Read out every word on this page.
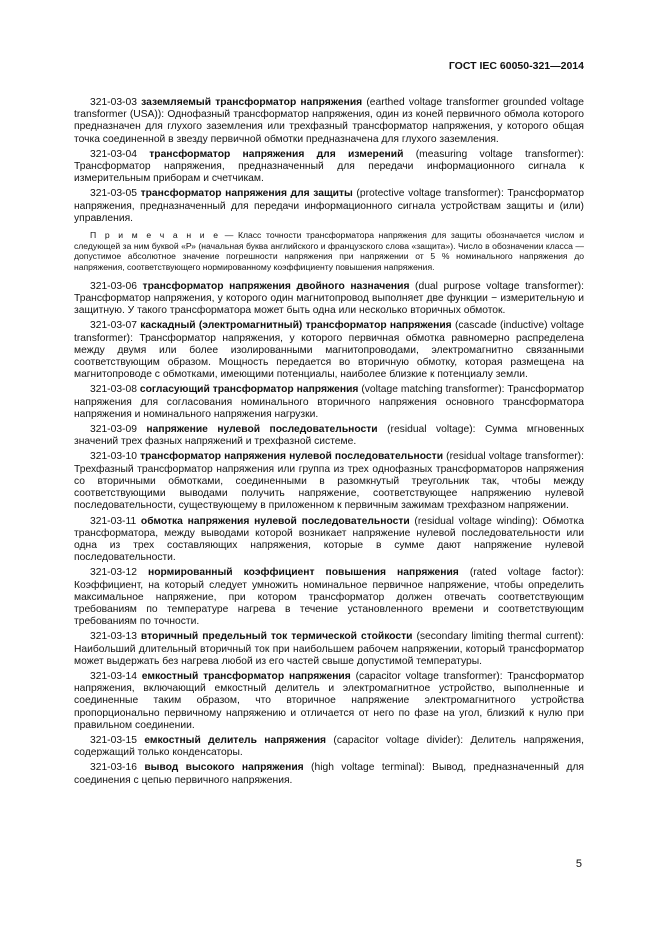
ГОСТ IEC 60050-321—2014

321-03-03 заземляемый трансформатор напряжения (earthed voltage transformer grounded voltage transformer (USA)): Однофазный трансформатор напряжения, один из коней первичного обмола которого предназначен для глухого заземления или трехфазный трансформатор напряжения, у которого общая точка соединенной в звезду первичной обмотки предназначена для глухого заземления.

321-03-04 трансформатор напряжения для измерений (measuring voltage transformer): Трансформатор напряжения, предназначенный для передачи информационного сигнала к измерительным приборам и счетчикам.

321-03-05 трансформатор напряжения для защиты (protective voltage transformer): Трансформатор напряжения, предназначенный для передачи информационного сигнала устройствам защиты и (или) управления.

П р и м е ч а н и е — Класс точности трансформатора напряжения для защиты обозначается числом и следующей за ним буквой «Р» (начальная буква английского и французского слова «защита»). Число в обозначении класса — допустимое абсолютное значение погрешности напряжения при напряжении от 5 % номинального напряжения до напряжения, соответствующего нормированному коэффициенту повышения напряжения.

321-03-06 трансформатор напряжения двойного назначения (dual purpose voltage transformer): Трансформатор напряжения, у которого один магнитопровод выполняет две функции − измерительную и защитную. У такого трансформатора может быть одна или несколько вторичных обмоток.

321-03-07 каскадный (электромагнитный) трансформатор напряжения (cascade (inductive) voltage transformer): Трансформатор напряжения, у которого первичная обмотка равномерно распределена между двумя или более изолированными магнитопроводами, электромагнитно связанными соответствующим образом. Мощность передается во вторичную обмотку, которая размещена на магнитопроводе с обмотками, имеющими потенциалы, наиболее близкие к потенциалу земли.

321-03-08 согласующий трансформатор напряжения (voltage matching transformer): Трансформатор напряжения для согласования номинального вторичного напряжения основного трансформатора напряжения и номинального напряжения нагрузки.

321-03-09 напряжение нулевой последовательности (residual voltage): Сумма мгновенных значений трех фазных напряжений и трехфазной системе.

321-03-10 трансформатор напряжения нулевой последовательности (residual voltage transformer): Трехфазный трансформатор напряжения или группа из трех однофазных трансформаторов напряжения со вторичными обмотками, соединенными в разомкнутый треугольник так, чтобы между соответствующими выводами получить напряжение, соответствующее напряжению нулевой последовательности, существующему в приложенном к первичным зажимам трехфазном напряжении.

321-03-11 обмотка напряжения нулевой последовательности (residual voltage winding): Обмотка трансформатора, между выводами которой возникает напряжение нулевой последовательности или одна из трех составляющих напряжения, которые в сумме дают напряжение нулевой последовательности.

321-03-12 нормированный коэффициент повышения напряжения (rated voltage factor): Коэффициент, на который следует умножить номинальное первичное напряжение, чтобы определить максимальное напряжение, при котором трансформатор должен отвечать соответствующим требованиям по температуре нагрева в течение установленного времени и соответствующим требованиям по точности.

321-03-13 вторичный предельный ток термической стойкости (secondary limiting thermal current): Наибольший длительный вторичный ток при наибольшем рабочем напряжении, который трансформатор может выдержать без нагрева любой из его частей свыше допустимой температуры.

321-03-14 емкостный трансформатор напряжения (capacitor voltage transformer): Трансформатор напряжения, включающий емкостный делитель и электромагнитное устройство, выполненные и соединенные таким образом, что вторичное напряжение электромагнитного устройства пропорционально первичному напряжению и отличается от него по фазе на угол, близкий к нулю при правильном соединении.

321-03-15 емкостный делитель напряжения (capacitor voltage divider): Делитель напряжения, содержащий только конденсаторы.

321-03-16 вывод высокого напряжения (high voltage terminal): Вывод, предназначенный для соединения с цепью первичного напряжения.

5
